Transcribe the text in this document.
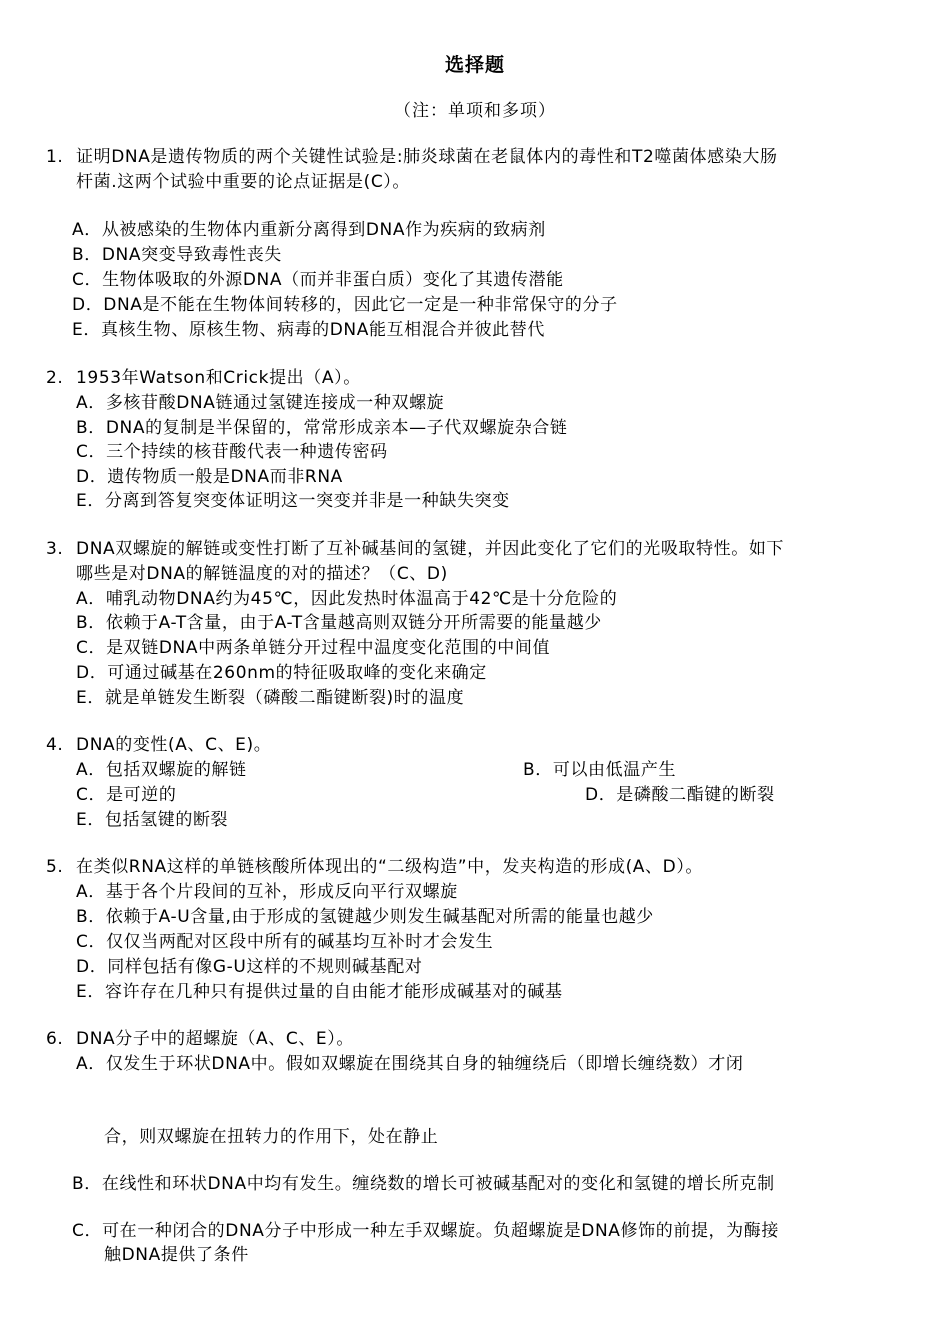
选择题
（注：单项和多项）
1. 证明DNA是遗传物质的两个关键性试验是:肺炎球菌在老鼠体内的毒性和T2噬菌体感染大肠
杆菌.这两个试验中重要的论点证据是(C）。
A．从被感染的生物体内重新分离得到DNA作为疾病的致病剂
B．DNA突变导致毒性丧失
C．生物体吸取的外源DNA（而并非蛋白质）变化了其遗传潜能
D．DNA是不能在生物体间转移的，因此它一定是一种非常保守的分子
E．真核生物、原核生物、病毒的DNA能互相混合并彼此替代
2. 1953年Watson和Crick提出（A）。
A．多核苷酸DNA链通过氢键连接成一种双螺旋
B．DNA的复制是半保留的，常常形成亲本—子代双螺旋杂合链
C．三个持续的核苷酸代表一种遗传密码
D．遗传物质一般是DNA而非RNA
E．分离到答复突变体证明这一突变并非是一种缺失突变
3. DNA双螺旋的解链或变性打断了互补碱基间的氢键，并因此变化了它们的光吸取特性。如下
哪些是对DNA的解链温度的对的描述？（C、D)
A．哺乳动物DNA约为45℃，因此发热时体温高于42℃是十分危险的
B．依赖于A-T含量，由于A-T含量越高则双链分开所需要的能量越少
C．是双链DNA中两条单链分开过程中温度变化范围的中间值
D．可通过碱基在260nm的特征吸取峰的变化来确定
E．就是单链发生断裂（磷酸二酯键断裂)时的温度
4. DNA的变性(A、C、E)。
A．包括双螺旋的解链	B．可以由低温产生
C．是可逆的	D．是磷酸二酯键的断裂
E．包括氢键的断裂
5. 在类似RNA这样的单链核酸所体现出的“二级构造”中，发夹构造的形成(A、D）。
A．基于各个片段间的互补，形成反向平行双螺旋
B．依赖于A-U含量,由于形成的氢键越少则发生碱基配对所需的能量也越少
C．仅仅当两配对区段中所有的碱基均互补时才会发生
D．同样包括有像G-U这样的不规则碱基配对
E．容许存在几种只有提供过量的自由能才能形成碱基对的碱基
6. DNA分子中的超螺旋（A、C、E）。
A．仅发生于环状DNA中。假如双螺旋在围绕其自身的轴缠绕后（即增长缠绕数）才闭
合，则双螺旋在扭转力的作用下，处在静止
B．在线性和环状DNA中均有发生。缠绕数的增长可被碱基配对的变化和氢键的增长所克制
C．可在一种闭合的DNA分子中形成一种左手双螺旋。负超螺旋是DNA修饰的前提，为酶接
触DNA提供了条件
